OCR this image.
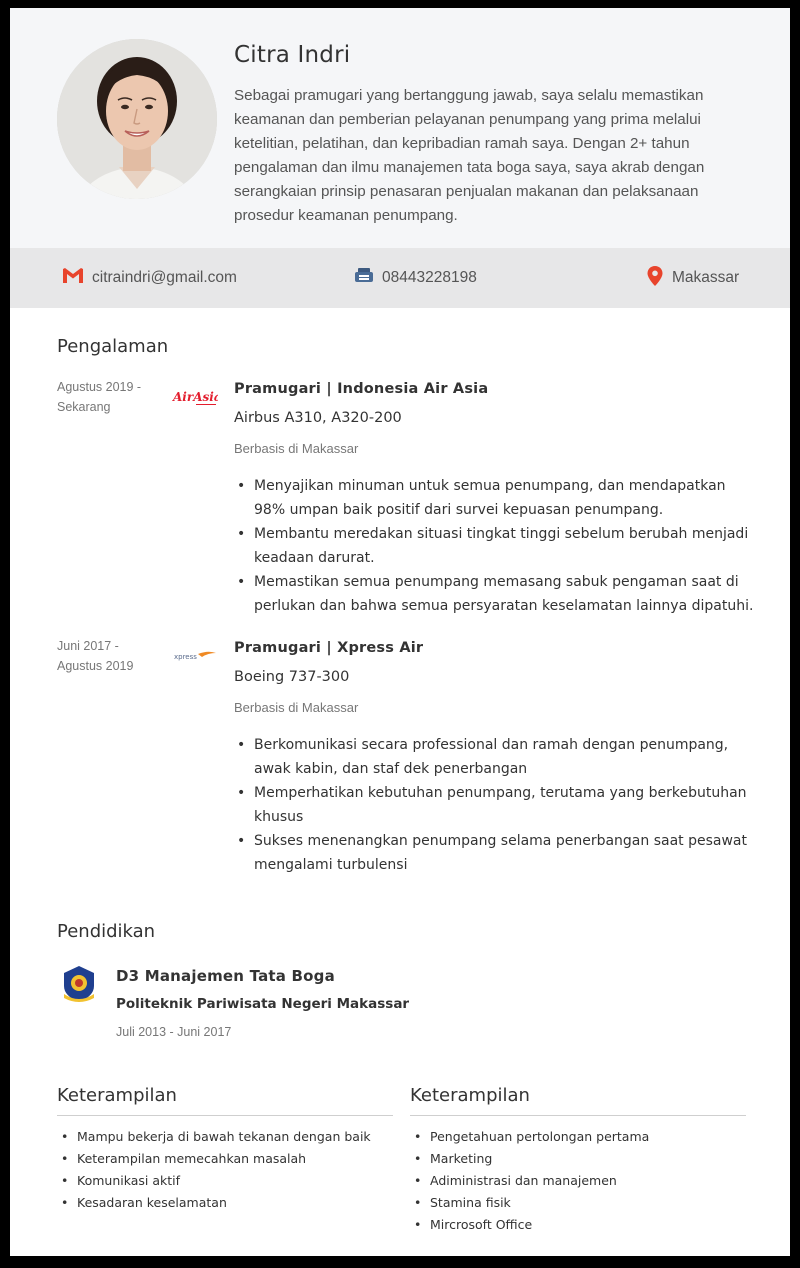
Citra Indri
Sebagai pramugari yang bertanggung jawab, saya selalu memastikan keamanan dan pemberian pelayanan penumpang yang prima melalui ketelitian, pelatihan, dan kepribadian ramah saya. Dengan 2+ tahun pengalaman dan ilmu manajemen tata boga saya, saya akrab dengan serangkaian prinsip penasaran penjualan makanan dan pelaksanaan prosedur keamanan penumpang.
citraindri@gmail.com	08443228198	Makassar
Pengalaman
Agustus 2019 - Sekarang
AirAsia Pramugari | Indonesia Air Asia
Airbus A310, A320-200
Berbasis di Makassar
• Menyajikan minuman untuk semua penumpang, dan mendapatkan 98% umpan baik positif dari survei kepuasan penumpang.
• Membantu meredakan situasi tingkat tinggi sebelum berubah menjadi keadaan darurat.
• Memastikan semua penumpang memasang sabuk pengaman saat di perlukan dan bahwa semua persyaratan keselamatan lainnya dipatuhi.
Juni 2017 - Agustus 2019
xpress
Pramugari | Xpress Air
Boeing 737-300
Berbasis di Makassar
• Berkomunikasi secara professional dan ramah dengan penumpang, awak kabin, dan staf dek penerbangan
• Memperhatikan kebutuhan penumpang, terutama yang berkebutuhan khusus
• Sukses menenangkan penumpang selama penerbangan saat pesawat mengalami turbulensi
Pendidikan
D3 Manajemen Tata Boga
Politeknik Pariwisata Negeri Makassar
Juli 2013 - Juni 2017
Keterampilan
• Mampu bekerja di bawah tekanan dengan baik
• Keterampilan memecahkan masalah
• Komunikasi aktif
• Kesadaran keselamatan
Keterampilan
• Pengetahuan pertolongan pertama
• Marketing
• Adiministrasi dan manajemen
• Stamina fisik
• Mircrosoft Office
